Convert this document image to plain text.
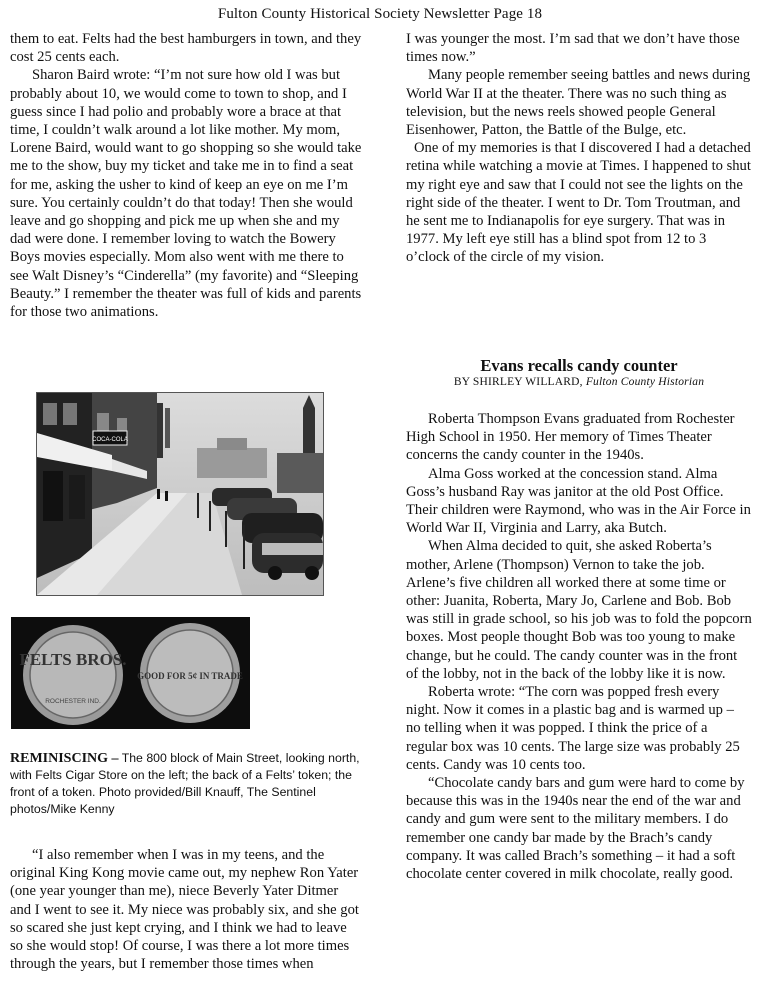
Fulton County Historical Society Newsletter Page 18

them to eat. Felts had the best hamburgers in town, and they cost 25 cents each.

Sharon Baird wrote: “I’m not sure how old I was but probably about 10, we would come to town to shop, and I guess since I had polio and probably wore a brace at that time, I couldn’t walk around a lot like mother. My mom, Lorene Baird, would want to go shopping so she would take me to the show, buy my ticket and take me in to find a seat for me, asking the usher to kind of keep an eye on me I’m sure. You certainly couldn’t do that today! Then she would leave and go shopping and pick me up when she and my dad were done. I remember loving to watch the Bowery Boys movies especially. Mom also went with me there to see Walt Disney’s “Cinderella” (my favorite) and “Sleeping Beauty.” I remember the theater was full of kids and parents for those two animations.

COCA-COLA
FELTS BROS.
ROCHESTER IND.
GOOD FOR 5¢ IN TRADE
REMINISCING – The 800 block of Main Street, looking north, with Felts Cigar Store on the left; the back of a Felts’ token; the front of a token. Photo provided/Bill Knauff, The Sentinel photos/Mike Kenny

“I also remember when I was in my teens, and the original King Kong movie came out, my nephew Ron Yater (one year younger than me), niece Beverly Yater Ditmer and I went to see it. My niece was probably six, and she got so scared she just kept crying, and I think we had to leave so she would stop! Of course, I was there a lot more times through the years, but I remember those times when

I was younger the most. I’m sad that we don’t have those times now.”

Many people remember seeing battles and news during World War II at the theater. There was no such thing as television, but the news reels showed people General Eisenhower, Patton, the Battle of the Bulge, etc.

One of my memories is that I discovered I had a detached retina while watching a movie at Times. I happened to shut my right eye and saw that I could not see the lights on the right side of the theater. I went to Dr. Tom Troutman, and he sent me to Indianapolis for eye surgery. That was in 1977. My left eye still has a blind spot from 12 to 3 o’clock of the circle of my vision.

Evans recalls candy counter
BY SHIRLEY WILLARD, Fulton County Historian

Roberta Thompson Evans graduated from Rochester High School in 1950. Her memory of Times Theater concerns the candy counter in the 1940s.

Alma Goss worked at the concession stand. Alma Goss’s husband Ray was janitor at the old Post Office. Their children were Raymond, who was in the Air Force in World War II, Virginia and Larry, aka Butch.

When Alma decided to quit, she asked Roberta’s mother, Arlene (Thompson) Vernon to take the job. Arlene’s five children all worked there at some time or other: Juanita, Roberta, Mary Jo, Carlene and Bob. Bob was still in grade school, so his job was to fold the popcorn boxes. Most people thought Bob was too young to make change, but he could. The candy counter was in the front of the lobby, not in the back of the lobby like it is now.

Roberta wrote: “The corn was popped fresh every night. Now it comes in a plastic bag and is warmed up – no telling when it was popped. I think the price of a regular box was 10 cents. The large size was probably 25 cents. Candy was 10 cents too.

“Chocolate candy bars and gum were hard to come by because this was in the 1940s near the end of the war and candy and gum were sent to the military members. I do remember one candy bar made by the Brach’s candy company. It was called Brach’s something – it had a soft chocolate center covered in milk chocolate, really good.
